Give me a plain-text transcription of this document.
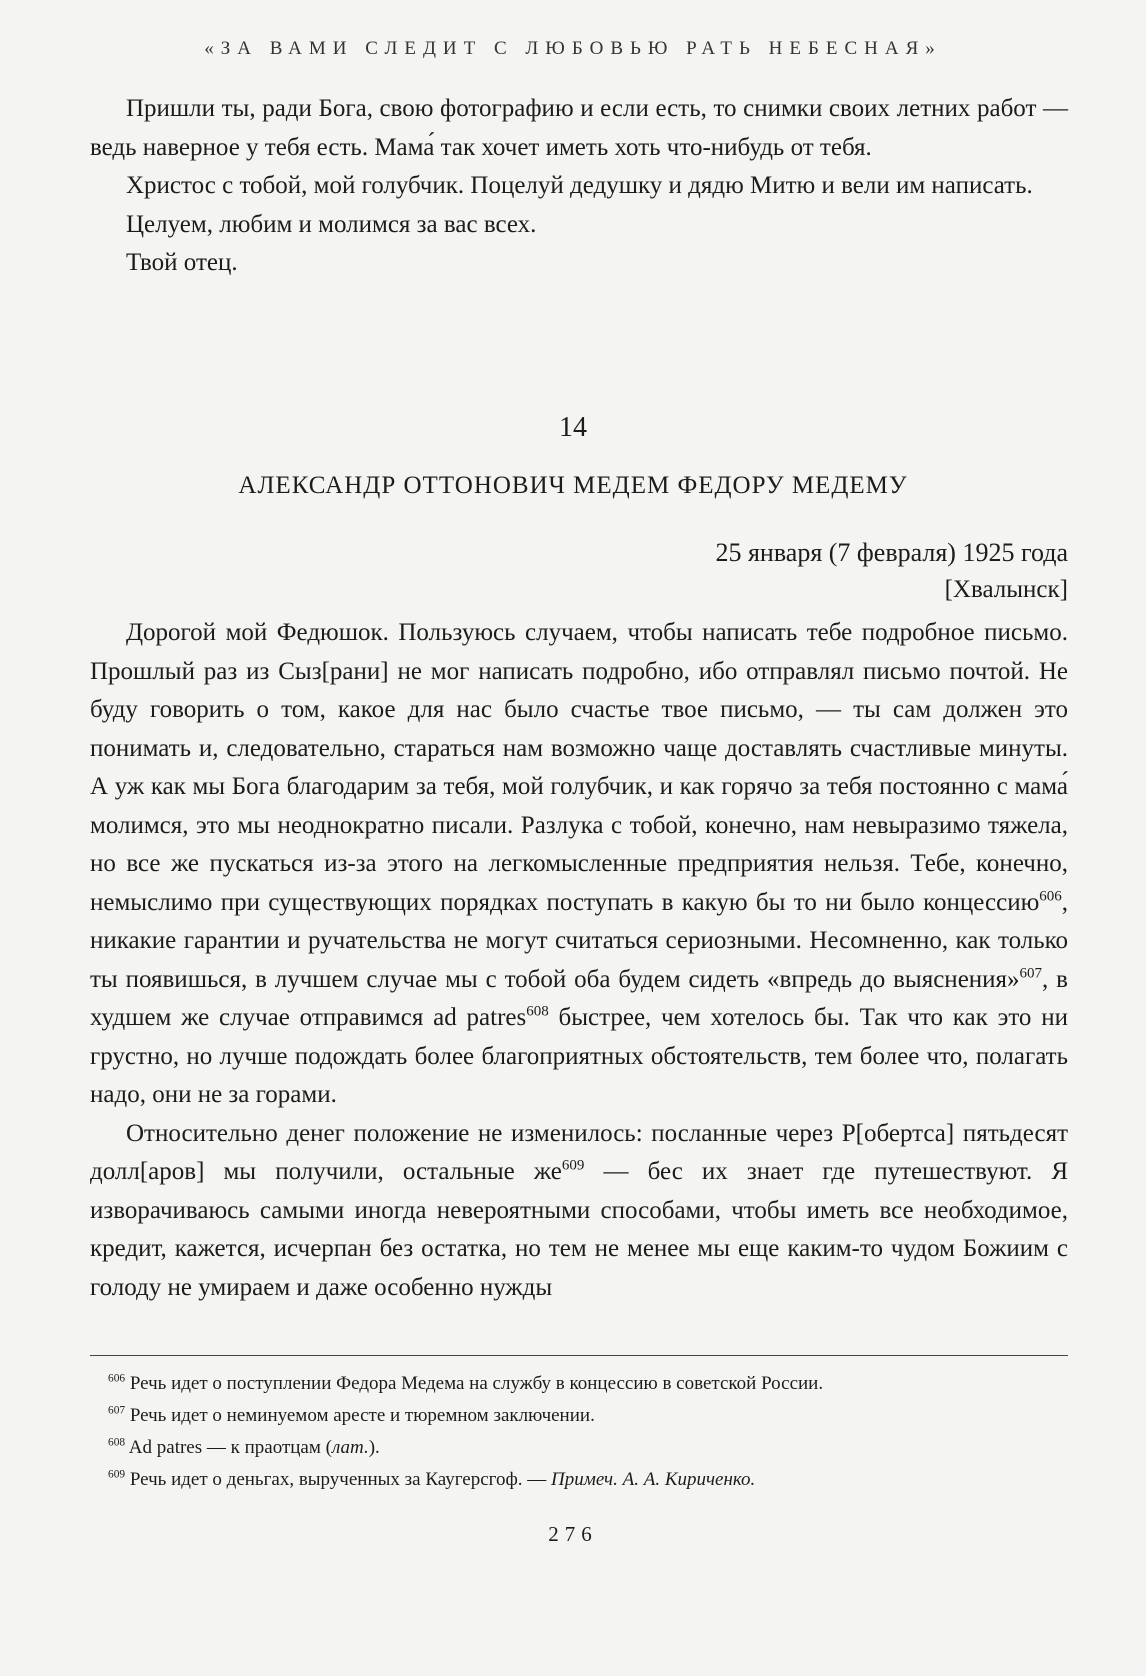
«ЗА ВАМИ СЛЕДИТ С ЛЮБОВЬЮ РАТЬ НЕБЕСНАЯ»

Пришли ты, ради Бога, свою фотографию и если есть, то снимки своих летних работ — ведь наверное у тебя есть. Мама́ так хочет иметь хоть что-нибудь от тебя.

Христос с тобой, мой голубчик. Поцелуй дедушку и дядю Митю и вели им написать.

Целуем, любим и молимся за вас всех.

Твой отец.

14
АЛЕКСАНДР ОТТОНОВИЧ МЕДЕМ ФЕДОРУ МЕДЕМУ
25 января (7 февраля) 1925 года
[Хвалынск]

Дорогой мой Федюшок. Пользуюсь случаем, чтобы написать тебе подробное письмо. Прошлый раз из Сыз[рани] не мог написать подробно, ибо отправлял письмо почтой. Не буду говорить о том, какое для нас было счастье твое письмо, — ты сам должен это понимать и, следовательно, стараться нам возможно чаще доставлять счастливые минуты. А уж как мы Бога благодарим за тебя, мой голубчик, и как горячо за тебя постоянно с мама́ молимся, это мы неоднократно писали. Разлука с тобой, конечно, нам невыразимо тяжела, но все же пускаться из-за этого на легкомысленные предприятия нельзя. Тебе, конечно, немыслимо при существующих порядках поступать в какую бы то ни было концессию$^{606}$, никакие гарантии и ручательства не могут считаться сериозными. Несомненно, как только ты появишься, в лучшем случае мы с тобой оба будем сидеть «впредь до выяснения»$^{607}$, в худшем же случае отправимся ad patres$^{608}$ быстрее, чем хотелось бы. Так что как это ни грустно, но лучше подождать более благоприятных обстоятельств, тем более что, полагать надо, они не за горами.

Относительно денег положение не изменилось: посланные через Р[обертса] пятьдесят долл[аров] мы получили, остальные $же^{609}$ — бес их знает где путешествуют. Я изворачиваюсь самыми иногда невероятными способами, чтобы иметь все необходимое, кредит, кажется, исчерпан без остатка, но тем не менее мы еще каким-то чудом Божиим с голоду не умираем и даже особенно нужды

$^{606}$ Речь идет о поступлении Федора Медема на службу в концессию в советской России.
$^{607}$ Речь идет о неминуемом аресте и тюремном заключении.
$^{608}$ Ad patres — к праотцам (лат.).
$^{609}$ Речь идет о деньгах, вырученных за Каугерсгоф. — Примеч. А. А. Кириченко.
276
